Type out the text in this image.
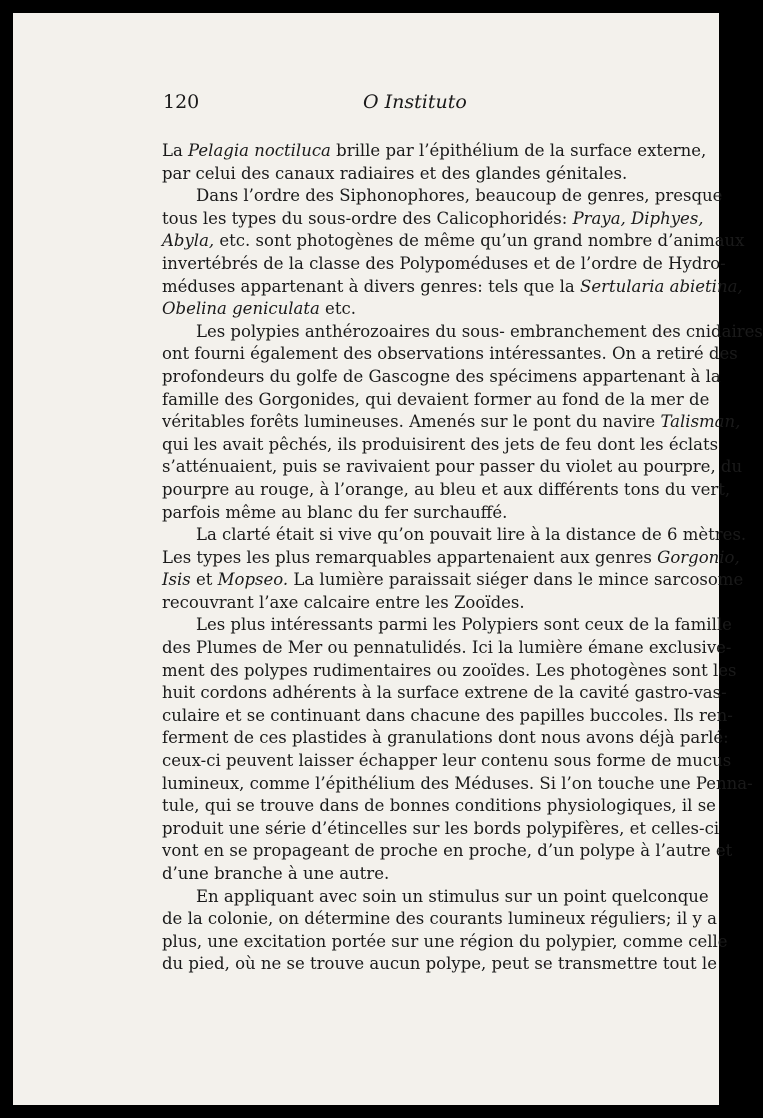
120	O Instituto
La Pelagia noctiluca brille par l’épithélium de la surface externe,
par celui des canaux radiaires et des glandes génitales.
Dans l’ordre des Siphonophores, beaucoup de genres, presque
tous les types du sous-ordre des Calicophoridés: Praya, Diphyes,
Abyla, etc. sont photogènes de même qu’un grand nombre d’animaux
invertébrés de la classe des Polypoméduses et de l’ordre de Hydro-
méduses appartenant à divers genres: tels que la Sertularia abietina,
Obelina geniculata etc.
Les polypies anthérozoaires du sous- embranchement des cnidaires
ont fourni également des observations intéressantes. On a retiré des
profondeurs du golfe de Gascogne des spécimens appartenant à la
famille des Gorgonides, qui devaient former au fond de la mer de
véritables forêts lumineuses. Amenés sur le pont du navire Talisman,
qui les avait pêchés, ils produisirent des jets de feu dont les éclats
s’atténuaient, puis se ravivaient pour passer du violet au pourpre, du
pourpre au rouge, à l’orange, au bleu et aux différents tons du vert,
parfois même au blanc du fer surchauffé.
La clarté était si vive qu’on pouvait lire à la distance de 6 mètres.
Les types les plus remarquables appartenaient aux genres Gorgonio,
Isis et Mopseo. La lumière paraissait siéger dans le mince sarcosome
recouvrant l’axe calcaire entre les Zooïdes.
Les plus intéressants parmi les Polypiers sont ceux de la famille
des Plumes de Mer ou pennatulidés. Ici la lumière émane exclusive-
ment des polypes rudimentaires ou zooïdes. Les photogènes sont les
huit cordons adhérents à la surface extrene de la cavité gastro-vas-
culaire et se continuant dans chacune des papilles buccoles. Ils ren-
ferment de ces plastides à granulations dont nous avons déjà parlé:
ceux-ci peuvent laisser échapper leur contenu sous forme de mucus
lumineux, comme l’épithélium des Méduses. Si l’on touche une Penna-
tule, qui se trouve dans de bonnes conditions physiologiques, il se
produit une série d’étincelles sur les bords polypifères, et celles-ci
vont en se propageant de proche en proche, d’un polype à l’autre et
d’une branche à une autre.
En appliquant avec soin un stimulus sur un point quelconque
de la colonie, on détermine des courants lumineux réguliers; il y a
plus, une excitation portée sur une région du polypier, comme celle
du pied, où ne se trouve aucun polype, peut se transmettre tout le
